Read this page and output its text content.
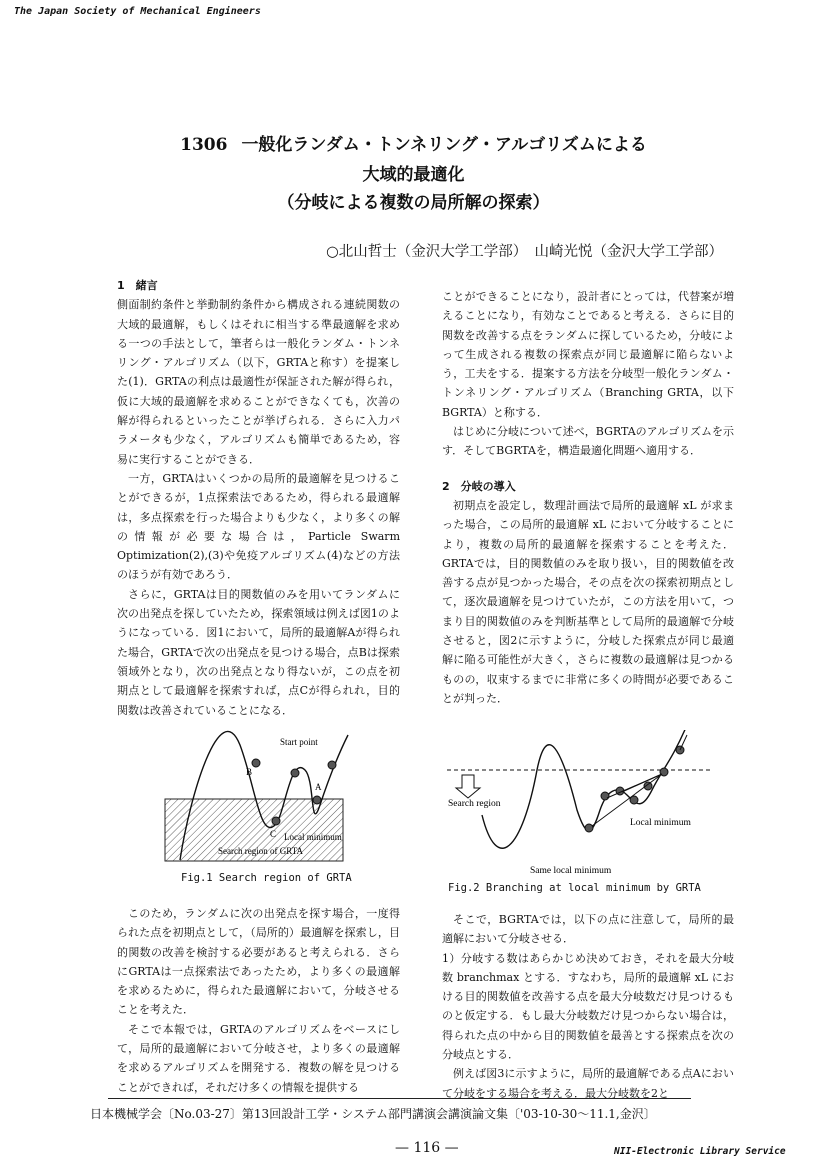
The Japan Society of Mechanical Engineers
1306 一般化ランダム・トンネリング・アルゴリズムによる
大域的最適化
（分岐による複数の局所解の探索）
○北山哲士（金沢大学工学部）　山崎光悦（金沢大学工学部）

1　緒言

側面制約条件と挙動制約条件から構成される連続関数の大域的最適解，もしくはそれに相当する準最適解を求める一つの手法として，筆者らは一般化ランダム・トンネリング・アルゴリズム（以下，GRTAと称す）を提案した(1)．GRTAの利点は最適性が保証された解が得られ，仮に大域的最適解を求めることができなくても，次善の解が得られるといったことが挙げられる．さらに入力パラメータも少なく，アルゴリズムも簡単であるため，容易に実行することができる．

一方，GRTAはいくつかの局所的最適解を見つけることができるが，1点探索法であるため，得られる最適解は，多点探索を行った場合よりも少なく，より多くの解の情報が必要な場合は，Particle Swarm Optimization(2),(3)や免疫アルゴリズム(4)などの方法のほうが有効であろう．

さらに，GRTAは目的関数値のみを用いてランダムに次の出発点を探していたため，探索領域は例えば図1のようになっている．図1において，局所的最適解Aが得られた場合，GRTAで次の出発点を見つける場合，点Bは探索領域外となり，次の出発点となり得ないが，この点を初期点として最適解を探索すれば，点Cが得られれ，目的関数は改善されていることになる．

Start point
B
A
C Local minimum
Search region of GRTA
Fig.1 Search region of GRTA

このため，ランダムに次の出発点を探す場合，一度得られた点を初期点として，（局所的）最適解を探索し，目的関数の改善を検討する必要があると考えられる．さらにGRTAは一点探索法であったため，より多くの最適解を求めるために，得られた最適解において，分岐させることを考えた．

そこで本報では，GRTAのアルゴリズムをベースにして，局所的最適解において分岐させ，より多くの最適解を求めるアルゴリズムを開発する．複数の解を見つけることができれば，それだけ多くの情報を提供する

ことができることになり，設計者にとっては，代替案が増えることになり，有効なことであると考える．さらに目的関数を改善する点をランダムに探しているため，分岐によって生成される複数の探索点が同じ最適解に陥らないよう，工夫をする．提案する方法を分岐型一般化ランダム・トンネリング・アルゴリズム（Branching GRTA，以下BGRTA）と称する．

はじめに分岐について述べ，BGRTAのアルゴリズムを示す．そしてBGRTAを，構造最適化問題へ適用する．

2　分岐の導入

初期点を設定し，数理計画法で局所的最適解 xL が求まった場合，この局所的最適解 xL において分岐することにより，複数の局所的最適解を探索することを考えた．GRTAでは，目的関数値のみを取り扱い，目的関数値を改善する点が見つかった場合，その点を次の探索初期点として，逐次最適解を見つけていたが，この方法を用いて，つまり目的関数値のみを判断基準として局所的最適解で分岐させると，図2に示すように，分岐した探索点が同じ最適解に陥る可能性が大きく，さらに複数の最適解は見つかるものの，収束するまでに非常に多くの時間が必要であることが判った．

Search region
Local minimum
Same local minimum
Fig.2 Branching at local minimum by GRTA

そこで，BGRTAでは，以下の点に注意して，局所的最適解において分岐させる．

1）分岐する数はあらかじめ決めておき，それを最大分岐数 branchmax とする．すなわち，局所的最適解 xL における目的関数値を改善する点を最大分岐数だけ見つけるものと仮定する．もし最大分岐数だけ見つからない場合は，得られた点の中から目的関数値を最善とする探索点を次の分岐点とする．

例えば図3に示すように，局所的最適解である点Aにおいて分岐をする場合を考える．最大分岐数を2と

日本機械学会〔No.03-27〕第13回設計工学・システム部門講演会講演論文集〔'03-10-30〜11.1,金沢〕
— 116 —	NII-Electronic Library Service
